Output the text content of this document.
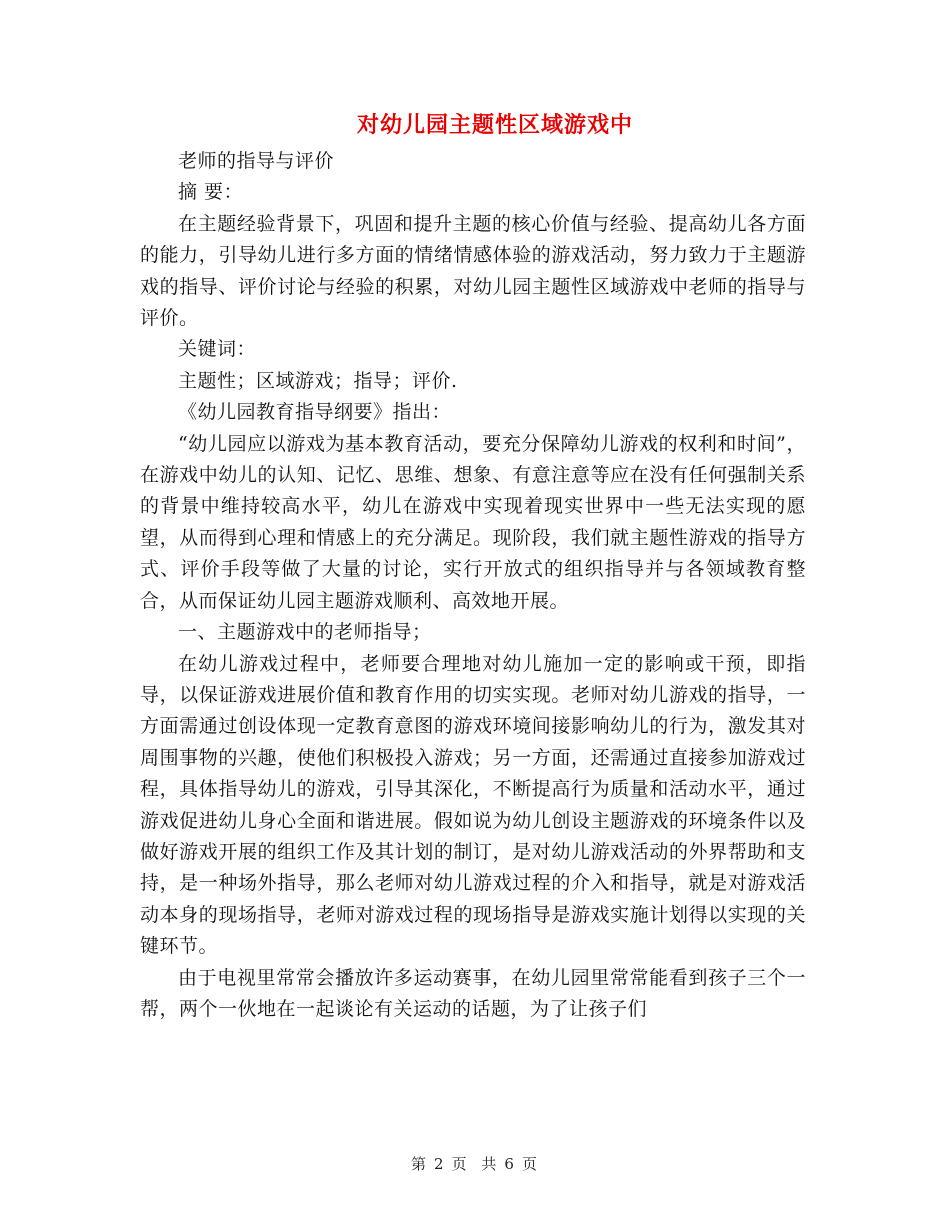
对幼儿园主题性区域游戏中

老师的指导与评价

摘 要：

在主题经验背景下，巩固和提升主题的核心价值与经验、提高幼儿各方面的能力，引导幼儿进行多方面的情绪情感体验的游戏活动，努力致力于主题游戏的指导、评价讨论与经验的积累，对幼儿园主题性区域游戏中老师的指导与评价。

关键词：

主题性；区域游戏；指导；评价.

《幼儿园教育指导纲要》指出：

“幼儿园应以游戏为基本教育活动，要充分保障幼儿游戏的权利和时间”，在游戏中幼儿的认知、记忆、思维、想象、有意注意等应在没有任何强制关系的背景中维持较高水平，幼儿在游戏中实现着现实世界中一些无法实现的愿望，从而得到心理和情感上的充分满足。现阶段，我们就主题性游戏的指导方式、评价手段等做了大量的讨论，实行开放式的组织指导并与各领域教育整合，从而保证幼儿园主题游戏顺利、高效地开展。

一、主题游戏中的老师指导；

在幼儿游戏过程中，老师要合理地对幼儿施加一定的影响或干预，即指导，以保证游戏进展价值和教育作用的切实实现。老师对幼儿游戏的指导，一方面需通过创设体现一定教育意图的游戏环境间接影响幼儿的行为，激发其对周围事物的兴趣，使他们积极投入游戏；另一方面，还需通过直接参加游戏过程，具体指导幼儿的游戏，引导其深化，不断提高行为质量和活动水平，通过游戏促进幼儿身心全面和谐进展。假如说为幼儿创设主题游戏的环境条件以及做好游戏开展的组织工作及其计划的制订，是对幼儿游戏活动的外界帮助和支持，是一种场外指导，那么老师对幼儿游戏过程的介入和指导，就是对游戏活动本身的现场指导，老师对游戏过程的现场指导是游戏实施计划得以实现的关键环节。

由于电视里常常会播放许多运动赛事，在幼儿园里常常能看到孩子三个一帮，两个一伙地在一起谈论有关运动的话题，为了让孩子们

第 2 页 共 6 页
